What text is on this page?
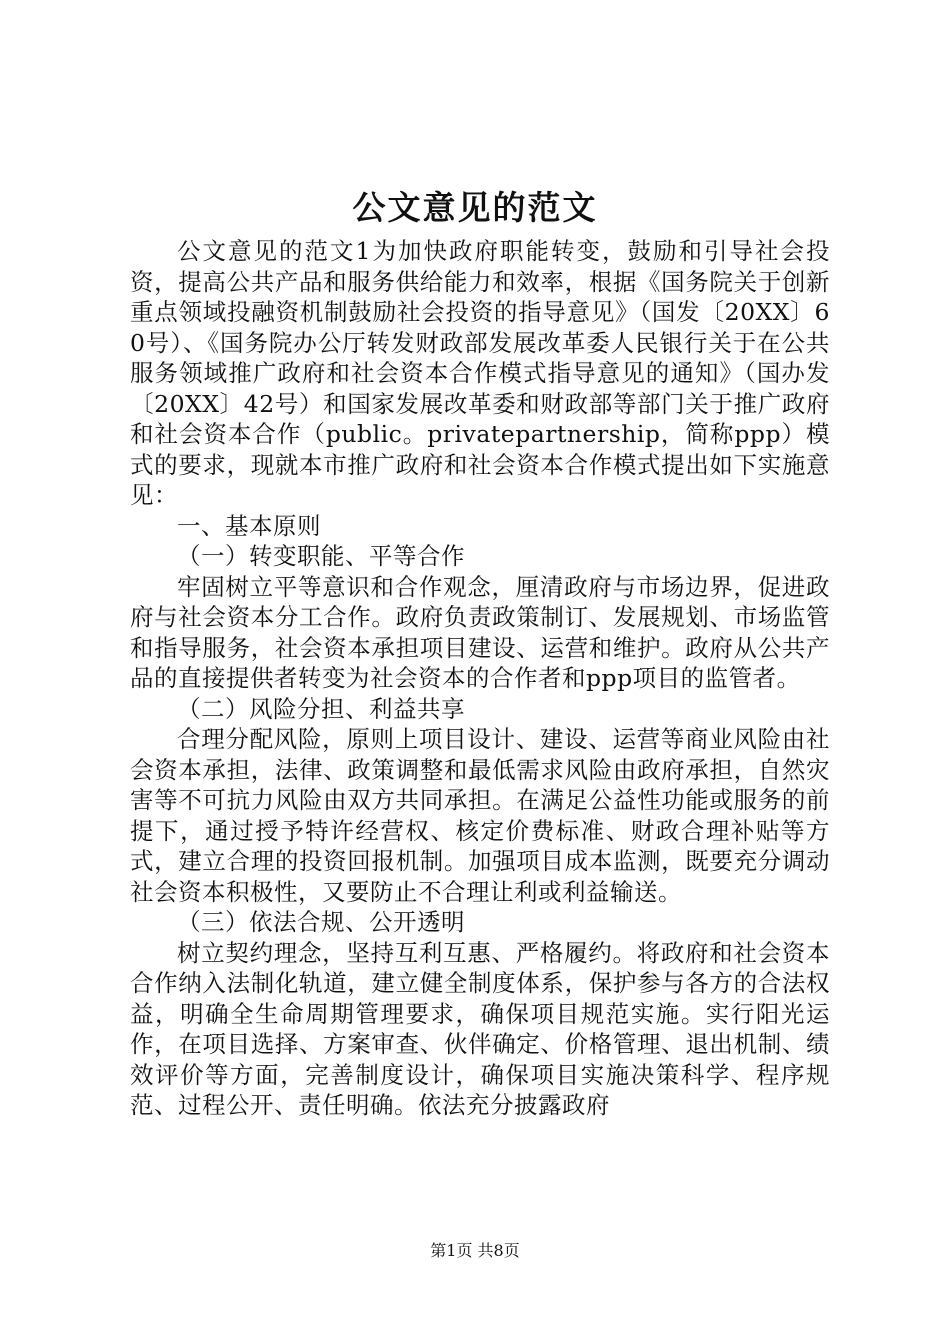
公文意见的范文

公文意见的范文1为加快政府职能转变，鼓励和引导社会投资，提高公共产品和服务供给能力和效率，根据《国务院关于创新重点领域投融资机制鼓励社会投资的指导意见》（国发〔20XX〕60号）、《国务院办公厅转发财政部发展改革委人民银行关于在公共服务领域推广政府和社会资本合作模式指导意见的通知》（国办发〔20XX〕42号）和国家发展改革委和财政部等部门关于推广政府和社会资本合作（public。privatepartnership，简称ppp）模式的要求，现就本市推广政府和社会资本合作模式提出如下实施意见：

一、基本原则

（一）转变职能、平等合作

牢固树立平等意识和合作观念，厘清政府与市场边界，促进政府与社会资本分工合作。政府负责政策制订、发展规划、市场监管和指导服务，社会资本承担项目建设、运营和维护。政府从公共产品的直接提供者转变为社会资本的合作者和ppp项目的监管者。

（二）风险分担、利益共享

合理分配风险，原则上项目设计、建设、运营等商业风险由社会资本承担，法律、政策调整和最低需求风险由政府承担，自然灾害等不可抗力风险由双方共同承担。在满足公益性功能或服务的前提下，通过授予特许经营权、核定价费标准、财政合理补贴等方式，建立合理的投资回报机制。加强项目成本监测，既要充分调动社会资本积极性，又要防止不合理让利或利益输送。

（三）依法合规、公开透明

树立契约理念，坚持互利互惠、严格履约。将政府和社会资本合作纳入法制化轨道，建立健全制度体系，保护参与各方的合法权益，明确全生命周期管理要求，确保项目规范实施。实行阳光运作，在项目选择、方案审查、伙伴确定、价格管理、退出机制、绩效评价等方面，完善制度设计，确保项目实施决策科学、程序规范、过程公开、责任明确。依法充分披露政府

第1页 共8页
